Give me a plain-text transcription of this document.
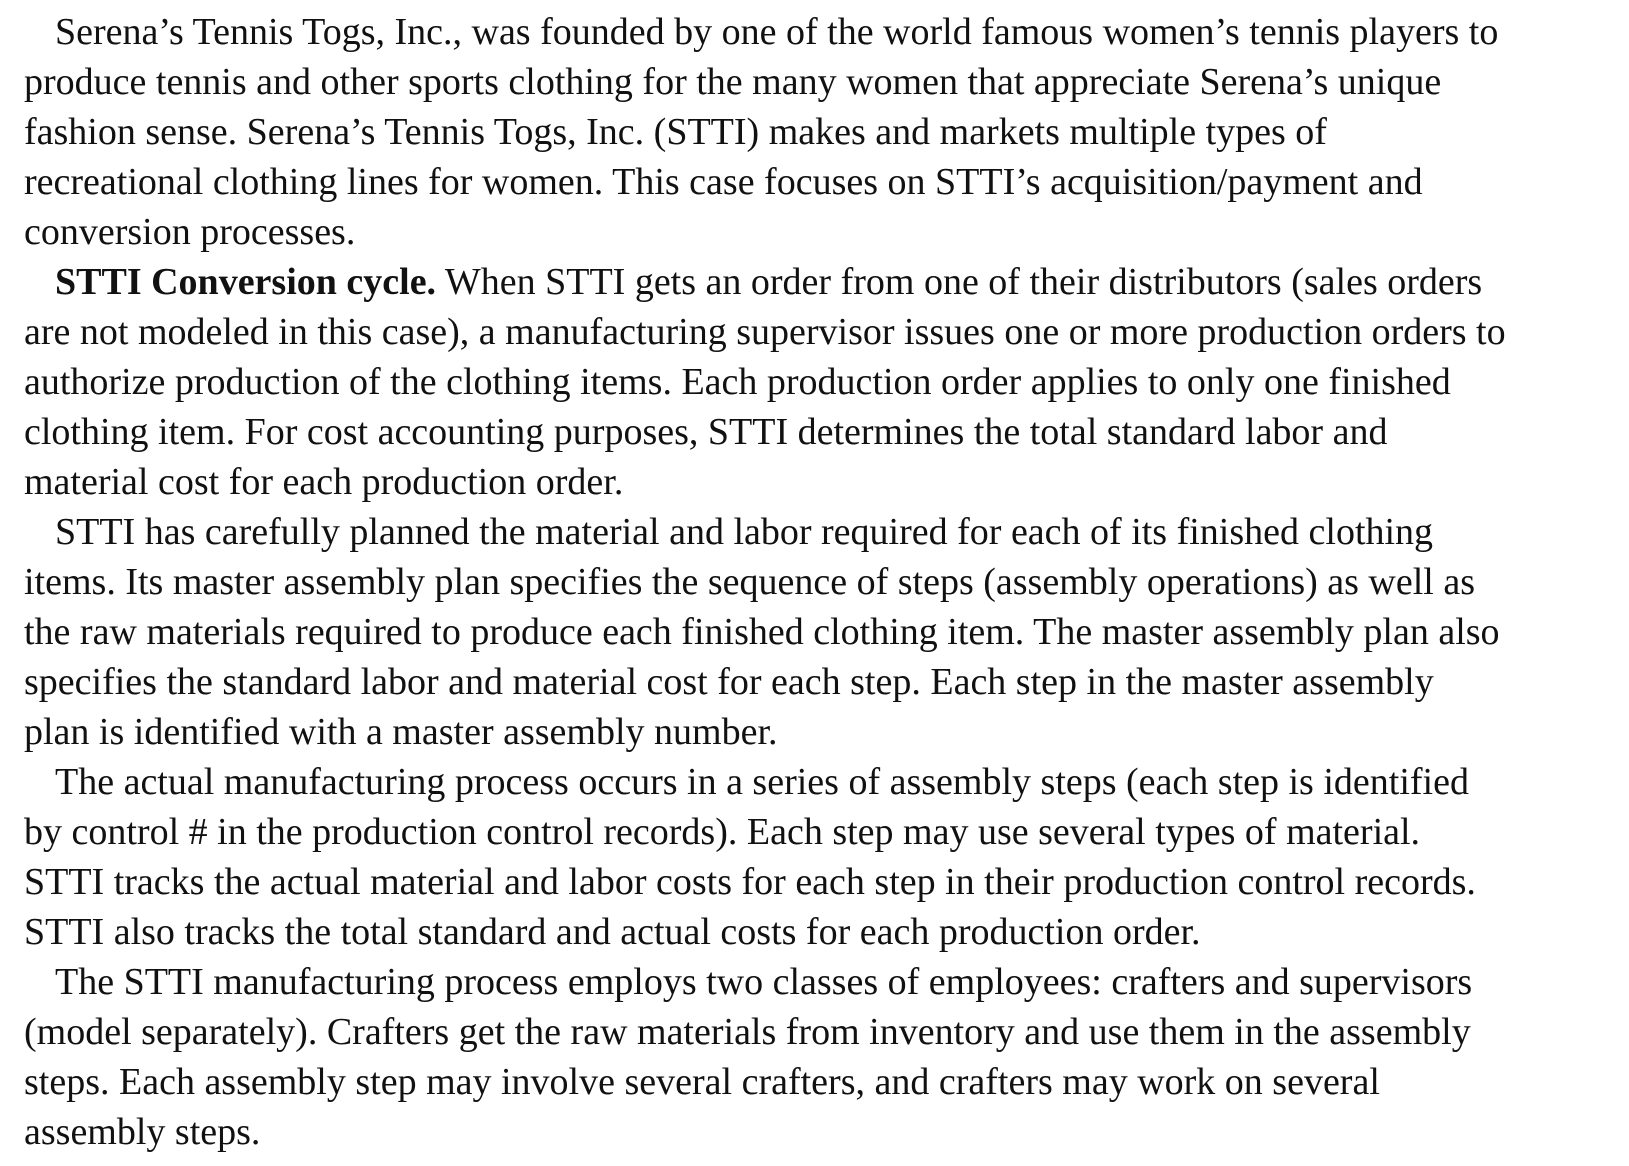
Serena’s Tennis Togs, Inc., was founded by one of the world famous women’s tennis players to
produce tennis and other sports clothing for the many women that appreciate Serena’s unique
fashion sense. Serena’s Tennis Togs, Inc. (STTI) makes and markets multiple types of
recreational clothing lines for women. This case focuses on STTI’s acquisition/payment and
conversion processes.
STTI Conversion cycle. When STTI gets an order from one of their distributors (sales orders
are not modeled in this case), a manufacturing supervisor issues one or more production orders to
authorize production of the clothing items. Each production order applies to only one finished
clothing item. For cost accounting purposes, STTI determines the total standard labor and
material cost for each production order.
STTI has carefully planned the material and labor required for each of its finished clothing
items. Its master assembly plan specifies the sequence of steps (assembly operations) as well as
the raw materials required to produce each finished clothing item. The master assembly plan also
specifies the standard labor and material cost for each step. Each step in the master assembly
plan is identified with a master assembly number.
The actual manufacturing process occurs in a series of assembly steps (each step is identified
by control # in the production control records). Each step may use several types of material.
STTI tracks the actual material and labor costs for each step in their production control records.
STTI also tracks the total standard and actual costs for each production order.
The STTI manufacturing process employs two classes of employees: crafters and supervisors
(model separately). Crafters get the raw materials from inventory and use them in the assembly
steps. Each assembly step may involve several crafters, and crafters may work on several
assembly steps.
